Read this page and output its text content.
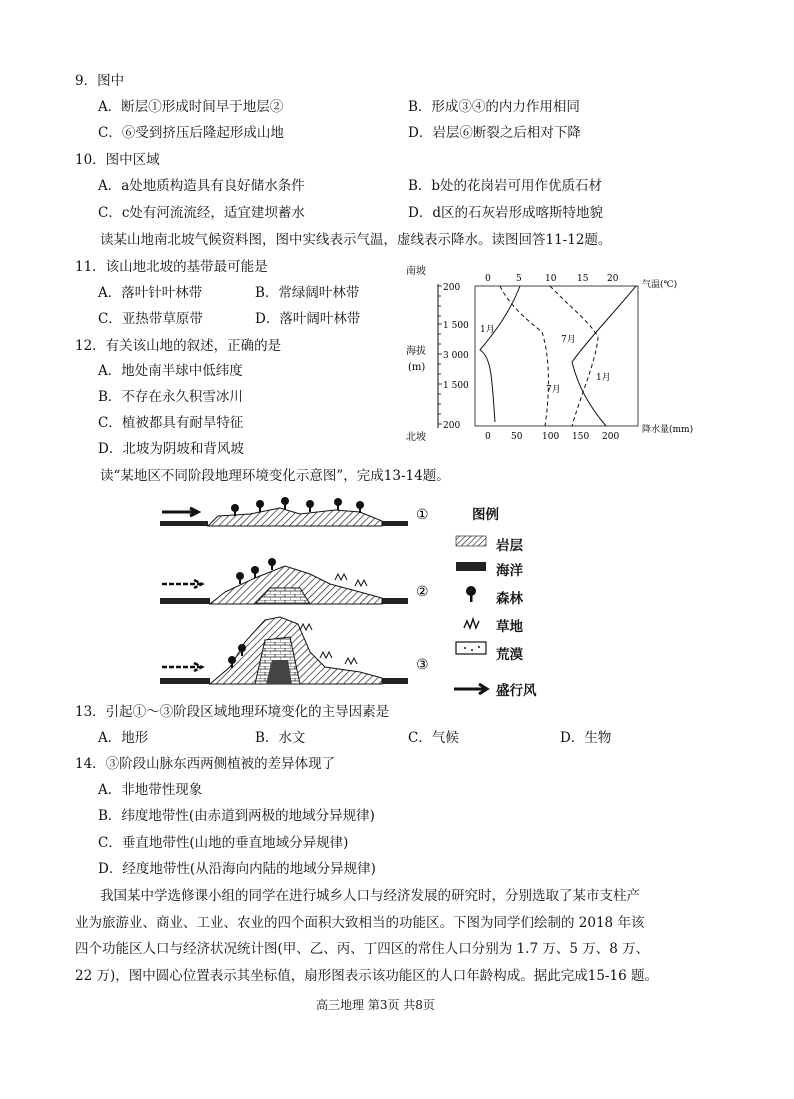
9．图中
A．断层①形成时间早于地层②	B．形成③④的内力作用相同
C．⑥受到挤压后隆起形成山地	D．岩层⑥断裂之后相对下降
10．图中区域
A．a处地质构造具有良好储水条件	B．b处的花岗岩可用作优质石材
C．c处有河流流经，适宜建坝蓄水	D．d区的石灰岩形成喀斯特地貌
读某山地南北坡气候资料图，图中实线表示气温，虚线表示降水。读图回答11-12题。
11．该山地北坡的基带最可能是
A．落叶针叶林带	B．常绿阔叶林带
C．亚热带草原带	D．落叶阔叶林带
12．有关该山地的叙述，正确的是
A．地处南半球中低纬度
B．不存在永久积雪冰川
C．植被都具有耐旱特征
D．北坡为阴坡和背风坡
南坡
北坡
海拔
(m)
200
1 500
3 000
1 500
200
0	5	10 15 20
气温(℃)
0 50 100 150 200
降水量(mm)
1月
7月
1月
7月
读“某地区不同阶段地理环境变化示意图”，完成13-14题。
①
②
③
图例
岩层
海洋
森林
草地
荒漠
盛行风
13．引起①～③阶段区域地理环境变化的主导因素是
A．地形	B．水文	C．气候	D．生物
14．③阶段山脉东西两侧植被的差异体现了
A．非地带性现象
B．纬度地带性(由赤道到两极的地域分异规律)
C．垂直地带性(山地的垂直地域分异规律)
D．经度地带性(从沿海向内陆的地域分异规律)
我国某中学选修课小组的同学在进行城乡人口与经济发展的研究时，分别选取了某市支柱产
业为旅游业、商业、工业、农业的四个面积大致相当的功能区。下图为同学们绘制的 2018 年该
四个功能区人口与经济状况统计图(甲、乙、丙、丁四区的常住人口分别为 1.7 万、5 万、8 万、
22 万)，图中圆心位置表示其坐标值，扇形图表示该功能区的人口年龄构成。据此完成15-16 题。
高三地理 第3页 共8页
